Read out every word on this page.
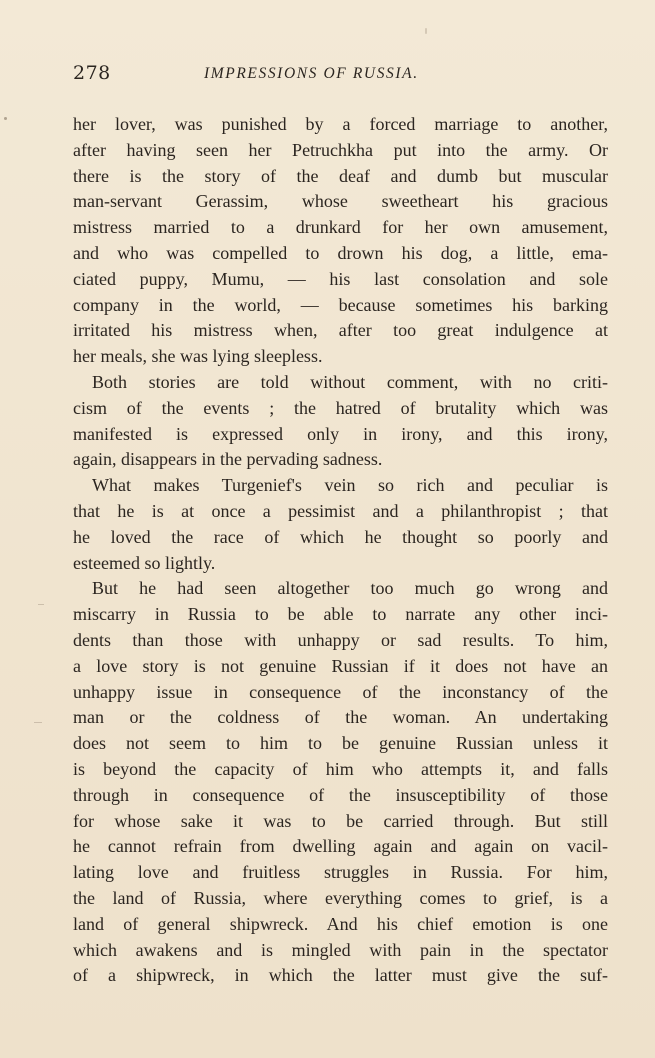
278	IMPRESSIONS OF RUSSIA.
her lover, was punished by a forced marriage to another,
after having seen her Petruchkha put into the army. Or
there is the story of the deaf and dumb but muscular
man-servant Gerassim, whose sweetheart his gracious
mistress married to a drunkard for her own amusement,
and who was compelled to drown his dog, a little, ema-
ciated puppy, Mumu, — his last consolation and sole
company in the world, — because sometimes his barking
irritated his mistress when, after too great indulgence at
her meals, she was lying sleepless.
Both stories are told without comment, with no criti-
cism of the events ; the hatred of brutality which was
manifested is expressed only in irony, and this irony,
again, disappears in the pervading sadness.
What makes Turgenief's vein so rich and peculiar is
that he is at once a pessimist and a philanthropist ; that
he loved the race of which he thought so poorly and
esteemed so lightly.
But he had seen altogether too much go wrong and
miscarry in Russia to be able to narrate any other inci-
dents than those with unhappy or sad results. To him,
a love story is not genuine Russian if it does not have an
unhappy issue in consequence of the inconstancy of the
man or the coldness of the woman. An undertaking
does not seem to him to be genuine Russian unless it
is beyond the capacity of him who attempts it, and falls
through in consequence of the insusceptibility of those
for whose sake it was to be carried through. But still
he cannot refrain from dwelling again and again on vacil-
lating love and fruitless struggles in Russia. For him,
the land of Russia, where everything comes to grief, is a
land of general shipwreck. And his chief emotion is one
which awakens and is mingled with pain in the spectator
of a shipwreck, in which the latter must give the suf-
